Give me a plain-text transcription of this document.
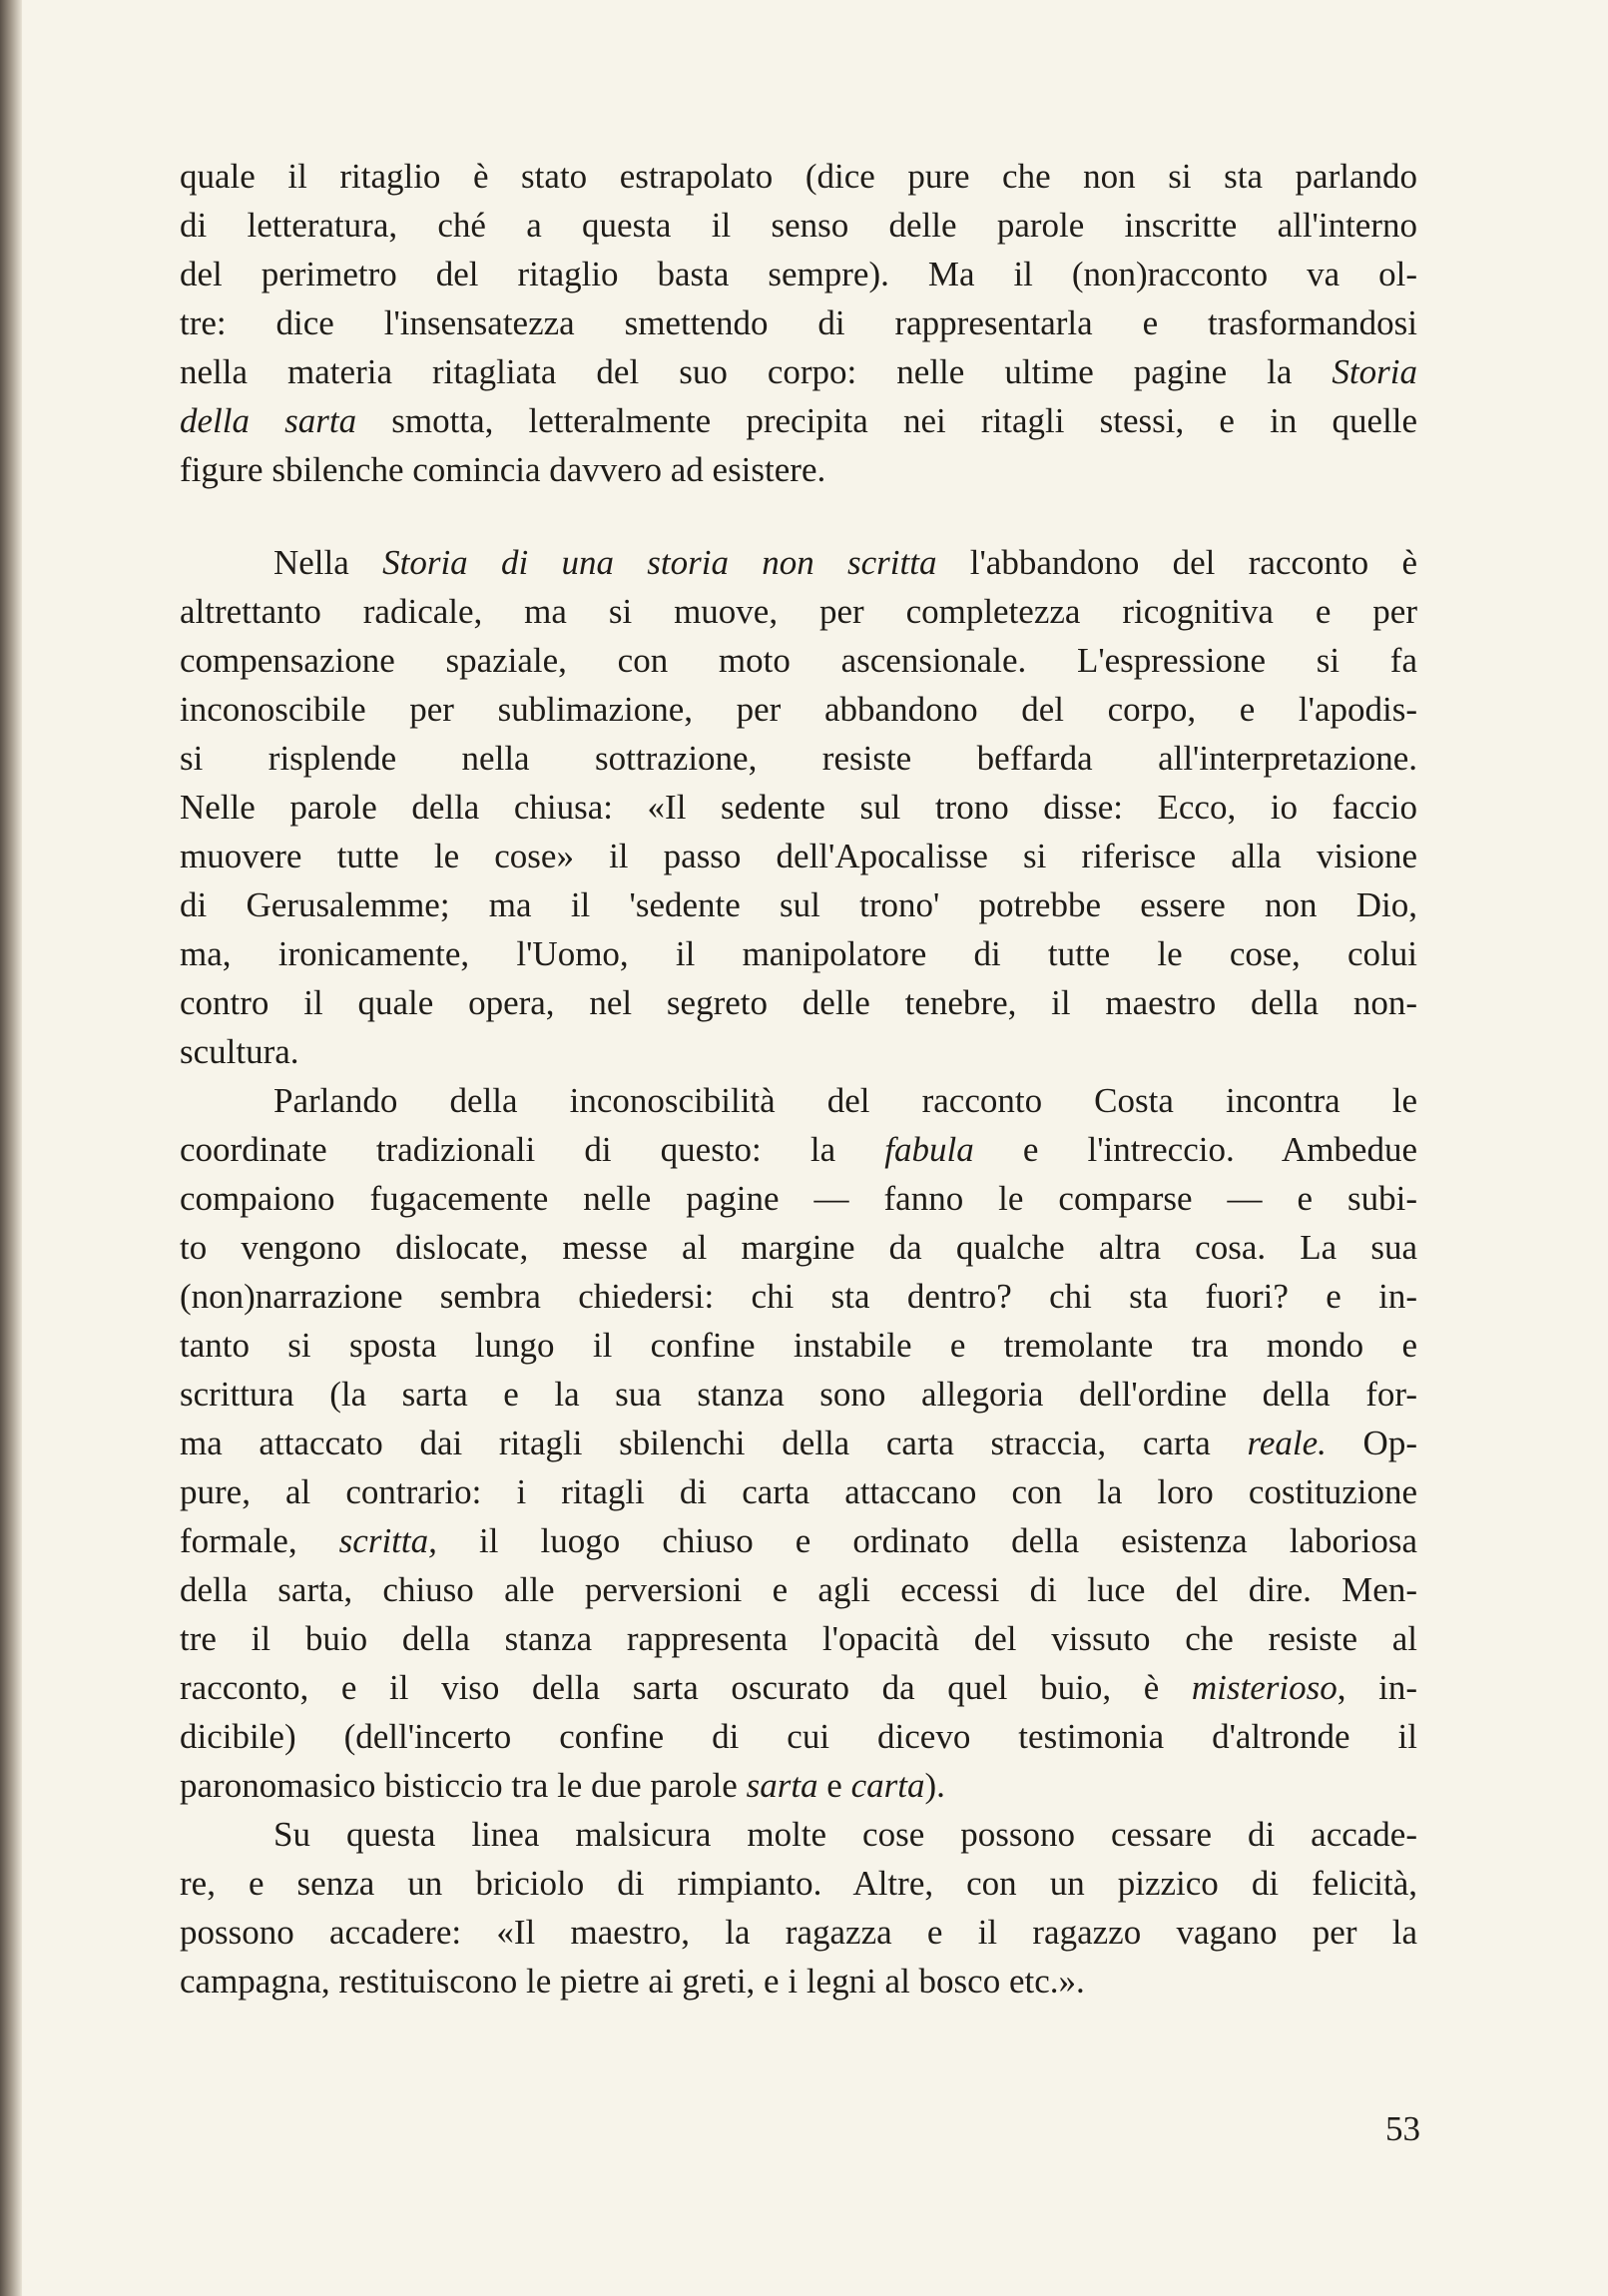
quale il ritaglio è stato estrapolato (dice pure che non si sta parlando
di letteratura, ché a questa il senso delle parole inscritte all'interno
del perimetro del ritaglio basta sempre). Ma il (non)racconto va ol-
tre: dice l'insensatezza smettendo di rappresentarla e trasformandosi
nella materia ritagliata del suo corpo: nelle ultime pagine la Storia
della sarta smotta, letteralmente precipita nei ritagli stessi, e in quelle
figure sbilenche comincia davvero ad esistere.
Nella Storia di una storia non scritta l'abbandono del racconto è
altrettanto radicale, ma si muove, per completezza ricognitiva e per
compensazione spaziale, con moto ascensionale. L'espressione si fa
inconoscibile per sublimazione, per abbandono del corpo, e l'apodis-
si risplende nella sottrazione, resiste beffarda all'interpretazione.
Nelle parole della chiusa: «Il sedente sul trono disse: Ecco, io faccio
muovere tutte le cose» il passo dell'Apocalisse si riferisce alla visione
di Gerusalemme; ma il 'sedente sul trono' potrebbe essere non Dio,
ma, ironicamente, l'Uomo, il manipolatore di tutte le cose, colui
contro il quale opera, nel segreto delle tenebre, il maestro della non-
scultura.
Parlando della inconoscibilità del racconto Costa incontra le
coordinate tradizionali di questo: la fabula e l'intreccio. Ambedue
compaiono fugacemente nelle pagine — fanno le comparse — e subi-
to vengono dislocate, messe al margine da qualche altra cosa. La sua
(non)narrazione sembra chiedersi: chi sta dentro? chi sta fuori? e in-
tanto si sposta lungo il confine instabile e tremolante tra mondo e
scrittura (la sarta e la sua stanza sono allegoria dell'ordine della for-
ma attaccato dai ritagli sbilenchi della carta straccia, carta reale. Op-
pure, al contrario: i ritagli di carta attaccano con la loro costituzione
formale, scritta, il luogo chiuso e ordinato della esistenza laboriosa
della sarta, chiuso alle perversioni e agli eccessi di luce del dire. Men-
tre il buio della stanza rappresenta l'opacità del vissuto che resiste al
racconto, e il viso della sarta oscurato da quel buio, è misterioso, in-
dicibile) (dell'incerto confine di cui dicevo testimonia d'altronde il
paronomasico bisticcio tra le due parole sarta e carta).
Su questa linea malsicura molte cose possono cessare di accade-
re, e senza un briciolo di rimpianto. Altre, con un pizzico di felicità,
possono accadere: «Il maestro, la ragazza e il ragazzo vagano per la
campagna, restituiscono le pietre ai greti, e i legni al bosco etc.».
53
